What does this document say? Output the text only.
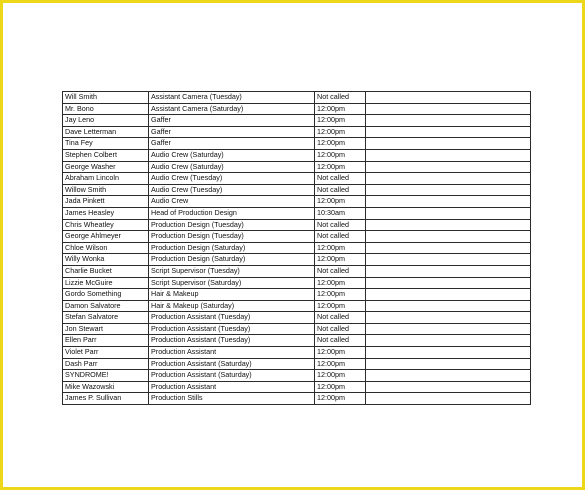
Will Smith	Assistant Camera (Tuesday)	Not called	
Mr. Bono	Assistant Camera (Saturday)	12:00pm	
Jay Leno	Gaffer	12:00pm	
Dave Letterman	Gaffer	12:00pm	
Tina Fey	Gaffer	12:00pm	
Stephen Colbert	Audio Crew (Saturday)	12:00pm	
George Washer	Audio Crew (Saturday)	12:00pm	
Abraham Lincoln	Audio Crew (Tuesday)	Not called	
Willow Smith	Audio Crew (Tuesday)	Not called	
Jada Pinkett	Audio Crew	12:00pm	
James Heasley	Head of Production Design	10:30am	
Chris Wheatley	Production Design (Tuesday)	Not called	
George Ahlmeyer	Production Design (Tuesday)	Not called	
Chloe Wilson	Production Design (Saturday)	12:00pm	
Willy Wonka	Production Design (Saturday)	12:00pm	
Charlie Bucket	Script Supervisor (Tuesday)	Not called	
Lizzie McGuire	Script Supervisor (Saturday)	12:00pm	
Gordo Something	Hair & Makeup	12:00pm	
Damon Salvatore	Hair & Makeup (Saturday)	12:00pm	
Stefan Salvatore	Production Assistant (Tuesday)	Not called	
Jon Stewart	Production Assistant (Tuesday)	Not called	
Ellen Parr	Production Assistant (Tuesday)	Not called	
Violet Parr	Production Assistant	12:00pm	
Dash Parr	Production Assistant (Saturday)	12:00pm	
SYNDROME!	Production Assistant (Saturday)	12:00pm	
Mike Wazowski	Production Assistant	12:00pm	
James P. Sullivan	Production Stills	12:00pm	
